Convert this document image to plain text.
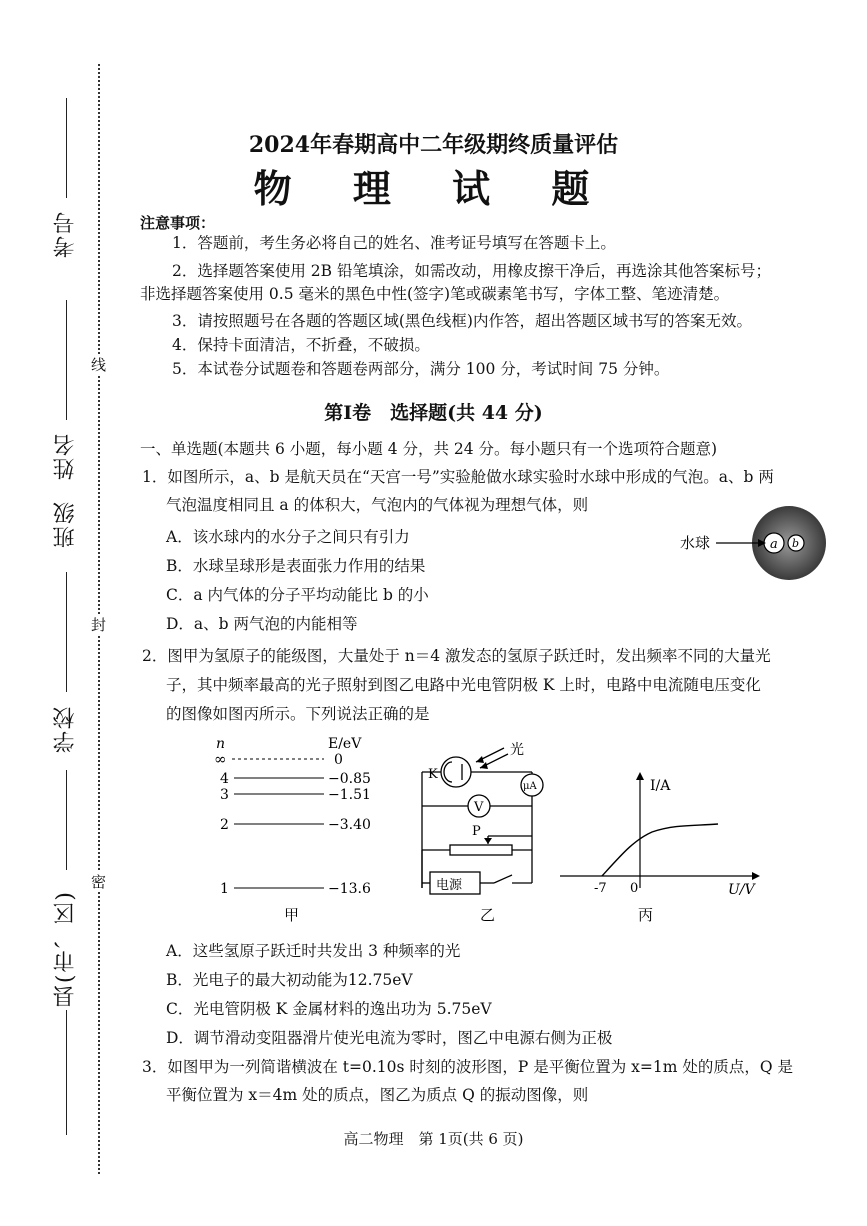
考号
姓名
班级
学校
县(市、区)
线
封
密
2024年春期高中二年级期终质量评估
物 理 试 题
注意事项：
1．答题前，考生务必将自己的姓名、准考证号填写在答题卡上。
2．选择题答案使用 2B 铅笔填涂，如需改动，用橡皮擦干净后，再选涂其他答案标号；
非选择题答案使用 0.5 毫米的黑色中性(签字)笔或碳素笔书写，字体工整、笔迹清楚。
3．请按照题号在各题的答题区域(黑色线框)内作答，超出答题区域书写的答案无效。
4．保持卡面清洁，不折叠，不破损。
5．本试卷分试题卷和答题卷两部分，满分 100 分，考试时间 75 分钟。
第Ⅰ卷　选择题(共 44 分)
一、单选题(本题共 6 小题，每小题 4 分，共 24 分。每小题只有一个选项符合题意)
1．如图所示，a、b 是航天员在“天宫一号”实验舱做水球实验时水球中形成的气泡。a、b 两
气泡温度相同且 a 的体积大，气泡内的气体视为理想气体，则
A．该水球内的水分子之间只有引力
B．水球呈球形是表面张力作用的结果
C．a 内气体的分子平均动能比 b 的小
D．a、b 两气泡的内能相等
a b
水球
2．图甲为氢原子的能级图，大量处于 n＝4 激发态的氢原子跃迁时，发出频率不同的大量光
子，其中频率最高的光子照射到图乙电路中光电管阴极 K 上时，电路中电流随电压变化
的图像如图丙所示。下列说法正确的是
n	E/eV
∞	0
4	−0.85
3	−1.51
2	−3.40
1	−13.6
甲
光
K
μA
V
P
电源
乙
I/A
U/V
-7 0
丙
A．这些氢原子跃迁时共发出 3 种频率的光
B．光电子的最大初动能为12.75eV
C．光电管阴极 K 金属材料的逸出功为 5.75eV
D．调节滑动变阻器滑片使光电流为零时，图乙中电源右侧为正极
3．如图甲为一列简谐横波在 t=0.10s 时刻的波形图，P 是平衡位置为 x=1m 处的质点，Q 是
平衡位置为 x＝4m 处的质点，图乙为质点 Q 的振动图像，则
高二物理　第 1页(共 6 页)
